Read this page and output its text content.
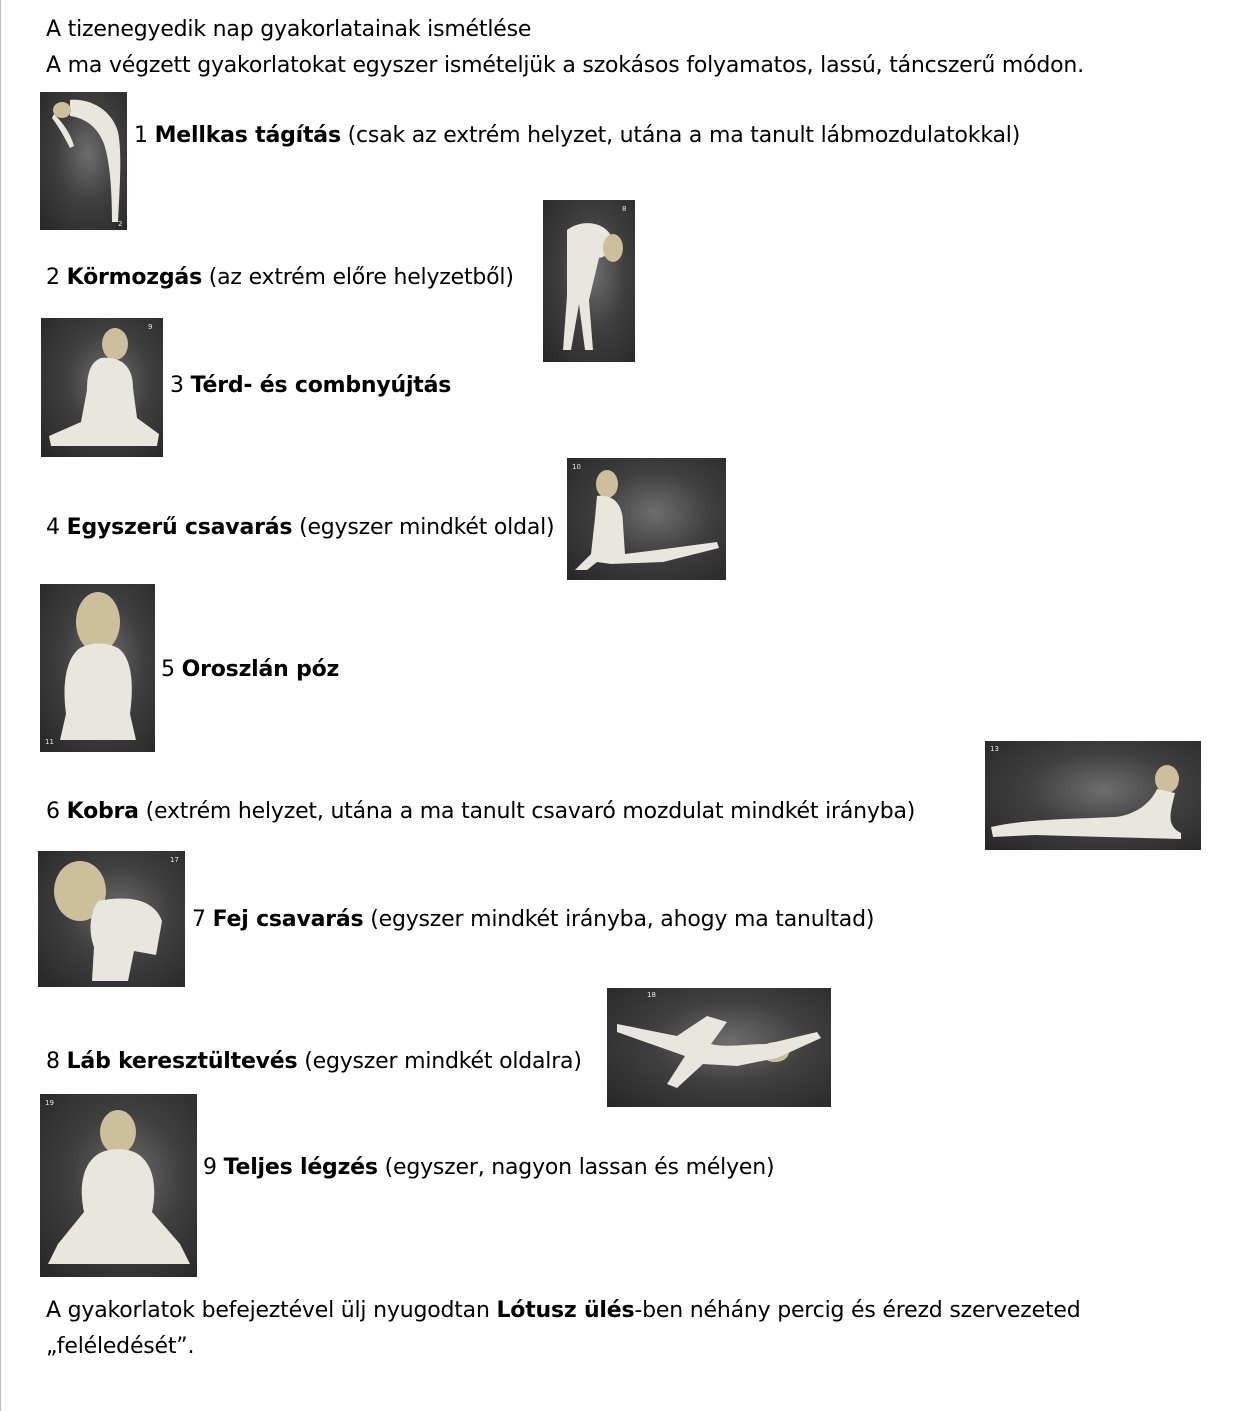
A tizenegyedik nap gyakorlatainak ismétlése
A ma végzett gyakorlatokat egyszer ismételjük a szokásos folyamatos, lassú, táncszerű módon.
2
1 Mellkas tágítás (csak az extrém helyzet, utána a ma tanult lábmozdulatokkal)
8
2 Körmozgás (az extrém előre helyzetből)
9
3 Térd- és combnyújtás
10
4 Egyszerű csavarás (egyszer mindkét oldal)
11
5 Oroszlán póz
13
6 Kobra (extrém helyzet, utána a ma tanult csavaró mozdulat mindkét irányba)
17
7 Fej csavarás (egyszer mindkét irányba, ahogy ma tanultad)
18
8 Láb keresztültevés (egyszer mindkét oldalra)
19
9 Teljes légzés (egyszer, nagyon lassan és mélyen)
A gyakorlatok befejeztével ülj nyugodtan Lótusz ülés-ben néhány percig és érezd szervezeted
„feléledését”.
